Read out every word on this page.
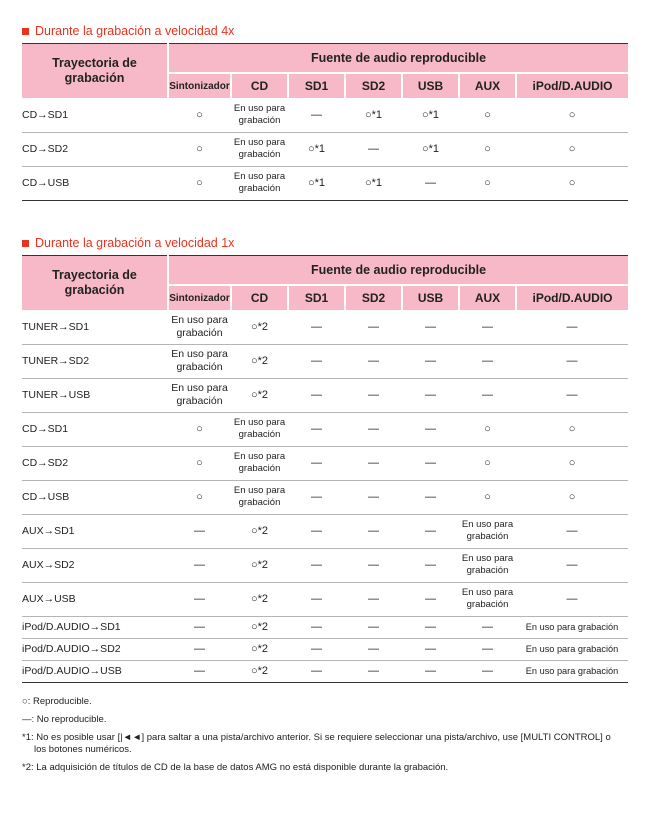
Durante la grabación a velocidad 4x
Trayectoria de grabación	Fuente de audio reproducible						
	Sintonizador	CD	SD1	SD2	USB	AUX	iPod/D.AUDIO
CD→SD1	○	En uso para grabación	—	○*1	○*1	○	○
CD→SD2	○	En uso para grabación	○*1	—	○*1	○	○
CD→USB	○	En uso para grabación	○*1	○*1	—	○	○
Durante la grabación a velocidad 1x
Trayectoria de grabación	Fuente de audio reproducible						
	Sintonizador	CD	SD1	SD2	USB	AUX	iPod/D.AUDIO
TUNER→SD1	En uso para grabación	○*2	—	—	—	—	—
TUNER→SD2	En uso para grabación	○*2	—	—	—	—	—
TUNER→USB	En uso para grabación	○*2	—	—	—	—	—
CD→SD1	○	En uso para grabación	—	—	—	○	○
CD→SD2	○	En uso para grabación	—	—	—	○	○
CD→USB	○	En uso para grabación	—	—	—	○	○
AUX→SD1	—	○*2	—	—	—	En uso para grabación	—
AUX→SD2	—	○*2	—	—	—	En uso para grabación	—
AUX→USB	—	○*2	—	—	—	En uso para grabación	—
iPod/D.AUDIO→SD1	—	○*2	—	—	—	—	En uso para grabación
iPod/D.AUDIO→SD2	—	○*2	—	—	—	—	En uso para grabación
iPod/D.AUDIO→USB	—	○*2	—	—	—	—	En uso para grabación

○: Reproducible.

—: No reproducible.

*1: No es posible usar [|◄◄] para saltar a una pista/archivo anterior. Si se requiere seleccionar una pista/archivo, use [MULTI CONTROL] o los botones numéricos.

*2: La adquisición de títulos de CD de la base de datos AMG no está disponible durante la grabación.
